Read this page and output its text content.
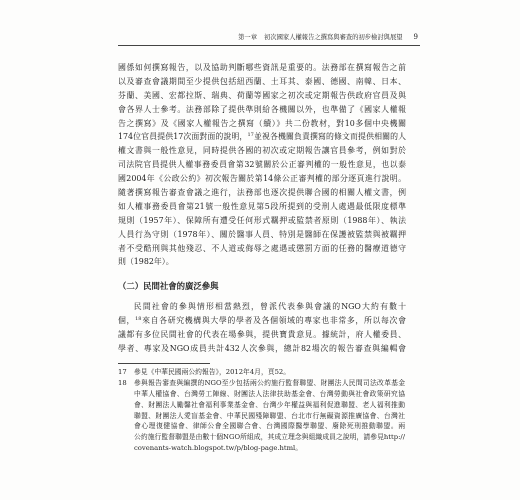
第一章 初次國家人權報告之撰寫與審查的初步檢討與展望 9
國係如何撰寫報告，以及協助判斷哪些資訊是重要的。法務部在撰寫報告之前
以及審查會議期間至少提供包括紐西蘭、土耳其、泰國、德國、南韓、日本、
芬蘭、美國、宏都拉斯、瑞典、荷蘭等國家之初次或定期報告供政府官員及與
會各界人士參考。法務部除了提供準則給各機關以外，也準備了《國家人權報
告之撰寫》及《國家人權報告之撰寫（續）》共二份教材，對10多個中央機關
174位官員提供17次面對面的說明，$^{17}$並視各機關負責撰寫的條文而提供相關的人
權文書與一般性意見，同時提供各國的初次或定期報告讓官員參考，例如對於
司法院官員提供人權事務委員會第32號關於公正審判權的一般性意見，也以泰
國2004年《公政公約》初次報告關於第14條公正審判權的部分逐頁進行說明。
隨著撰寫報告審查會議之進行，法務部也逐次提供聯合國的相關人權文書，例
如人權事務委員會第21號一般性意見第5段所提到的受刑人處遇最低限度標準
規則（1957年）、保障所有遭受任何形式羈押或監禁者原則（1988年）、執法
人員行為守則（1978年）、關於醫事人員、特別是醫師在保護被監禁與被羈押
者不受酷刑與其他殘忍、不人道或侮辱之處遇或懲罰方面的任務的醫療道德守
則（1982年）。
（二）民間社會的廣泛參與
民間社會的參與情形相當熱烈，曾派代表參與會議的NGO大約有數十
個，$^{18}$來自各研究機構與大學的學者及各個領域的專家也非常多，所以每次會
議都有多位民間社會的代表在場參與，提供寶貴意見。據統計，府人權委員、
學者、專家及NGO成員共計432人次參與，總計82場次的報告審查與編輯會
17	參見《中華民國兩公約報告》，2012年4月，頁52。
18	參與報告審查與編撰的NGO至少包括兩公約施行監督聯盟、財團法人民間司法改革基金
中華人權協會、台灣勞工陣線、財團法人法律扶助基金會、台灣勞動與社會政策研究協
會、財團法人勵馨社會福利事業基金會、台灣少年權益與福利促進聯盟、老人福利推動
聯盟、財團法人愛盲基金會、中華民國殘障聯盟、台北市行無礙資源推廣協會、台灣社
會心理復健協會、律師公會全國聯合會、台灣國際醫學聯盟、廢除死刑推動聯盟。兩
公約施行監督聯盟是由數十個NGO所組成，其成立理念與組織成員之說明，請參見http://
covenants-watch.blogspot.tw/p/blog-page.html。
